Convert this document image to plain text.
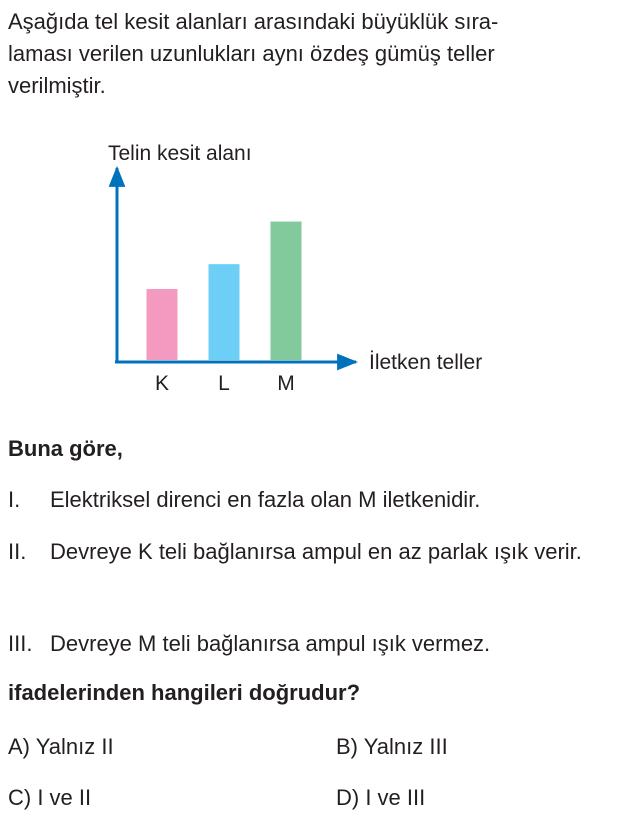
Aşağıda tel kesit alanları arasındaki büyüklük sıra-
laması verilen uzunlukları aynı özdeş gümüş teller
verilmiştir.
Telin kesit alanı
K L M
İletken teller
Buna göre,
I. Elektriksel direnci en fazla olan M iletkenidir.
II. Devreye K teli bağlanırsa ampul en az parlak ışık verir.
III. Devreye M teli bağlanırsa ampul ışık vermez.
ifadelerinden hangileri doğrudur?
A) Yalnız II	B) Yalnız III
C) I ve II	D) I ve III
